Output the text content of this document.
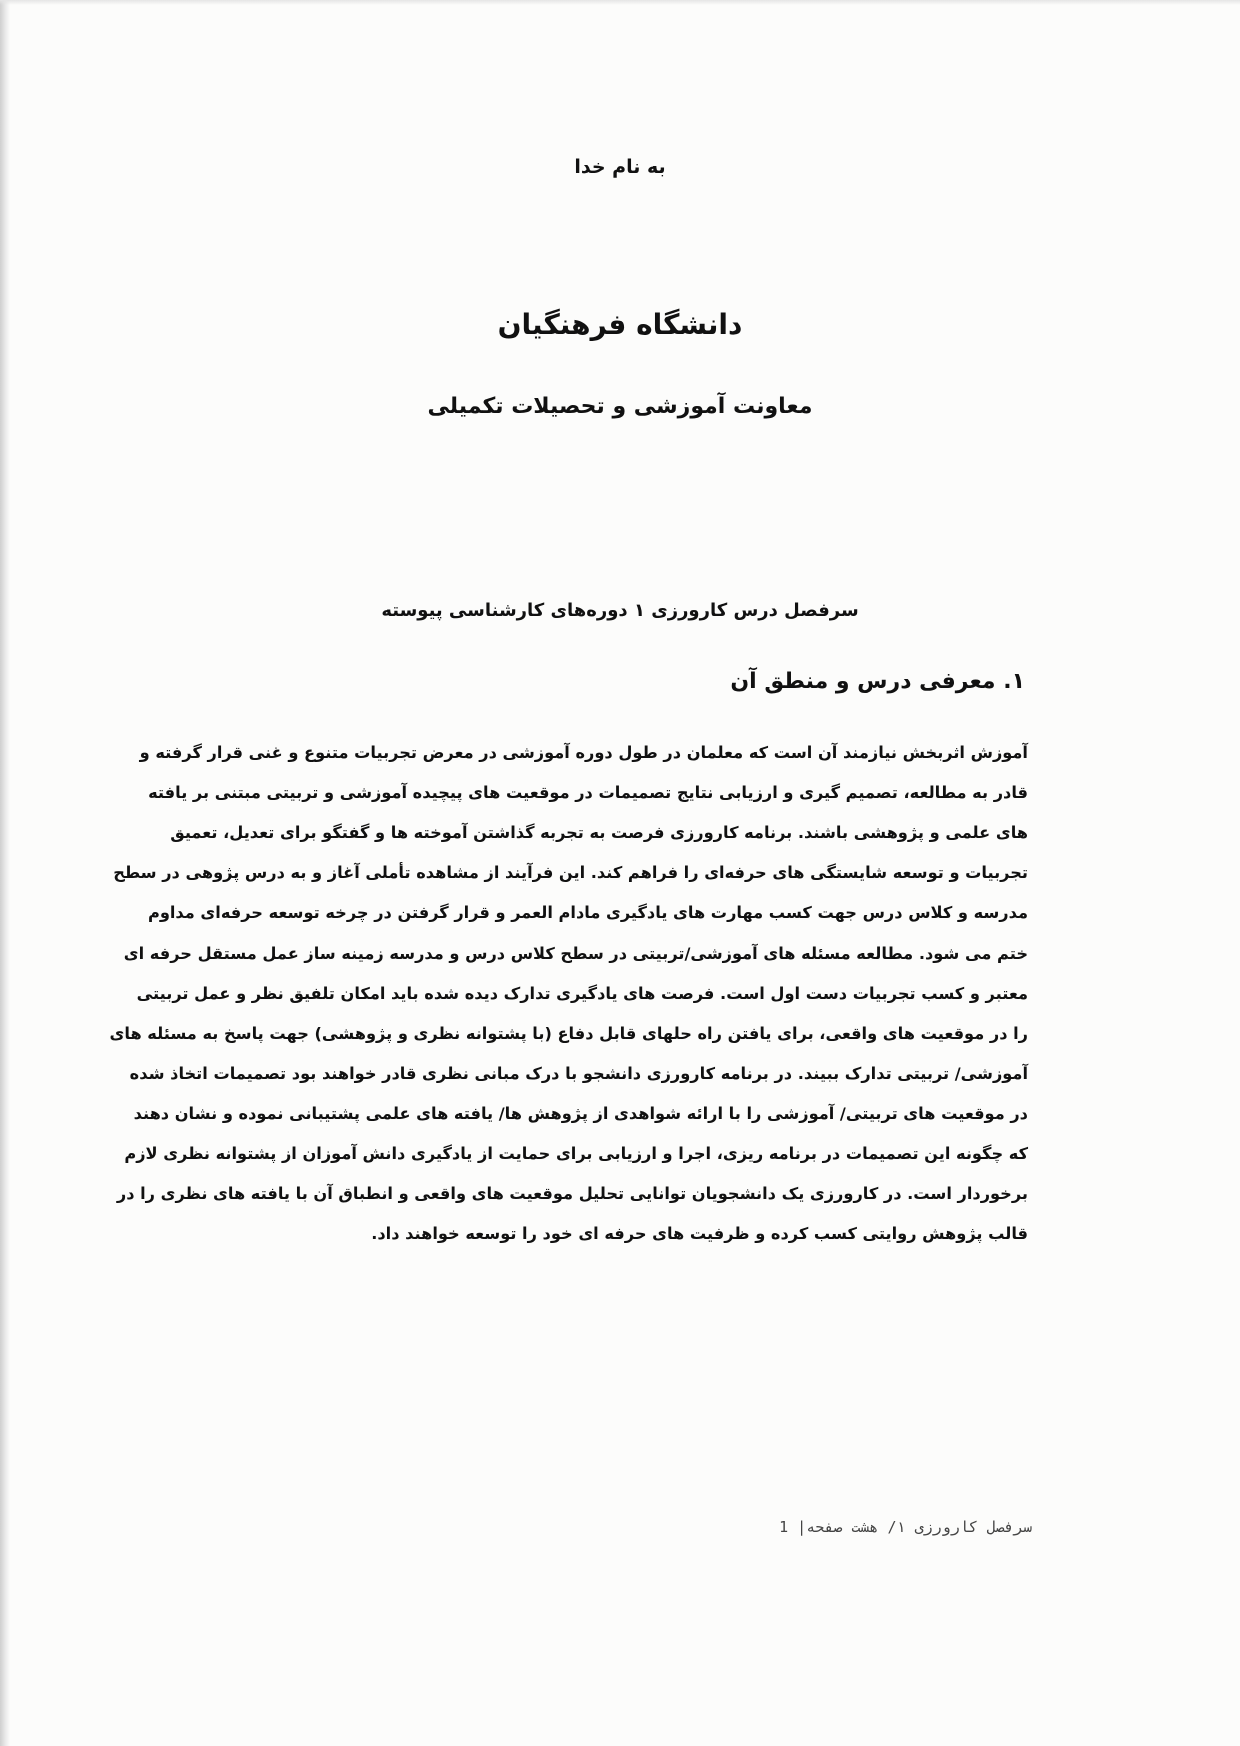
به نام خدا
دانشگاه فرهنگیان
معاونت آموزشی و تحصیلات تکمیلی
سرفصل درس کارورزی ۱ دوره‌های کارشناسی پیوسته
۱. معرفی درس و منطق آن
آموزش اثربخش نیازمند آن است که معلمان در طول دوره آموزشی در معرض تجربیات متنوع و غنی قرار گرفته و
قادر به مطالعه، تصمیم گیری و ارزیابی نتایج تصمیمات در موقعیت های پیچیده آموزشی و تربیتی مبتنی بر یافته
های علمی و پژوهشی باشند. برنامه کارورزی فرصت به تجربه گذاشتن آموخته ها و گفتگو برای تعدیل، تعمیق
تجربیات و توسعه شایستگی های حرفه‌ای را فراهم کند. این فرآیند از مشاهده تأملی آغاز و به درس پژوهی در سطح
مدرسه و کلاس درس جهت کسب مهارت های یادگیری مادام العمر و قرار گرفتن در چرخه توسعه حرفه‌ای مداوم
ختم می شود. مطالعه مسئله های آموزشی/تربیتی در سطح کلاس درس و مدرسه زمینه ساز عمل مستقل حرفه ای
معتبر و کسب تجربیات دست اول است. فرصت های یادگیری تدارک دیده شده باید امکان تلفیق نظر و عمل تربیتی
را در موقعیت های واقعی، برای یافتن راه حلهای قابل دفاع (با پشتوانه نظری و پژوهشی) جهت پاسخ به مسئله های
آموزشی/ تربیتی تدارک ببیند. در برنامه کارورزی دانشجو با درک مبانی نظری قادر خواهند بود تصمیمات اتخاذ شده
در موقعیت های تربیتی/ آموزشی را با ارائه شواهدی از پژوهش ها/ یافته های علمی پشتیبانی نموده و نشان دهند
که چگونه این تصمیمات در برنامه ریزی، اجرا و ارزیابی برای حمایت از یادگیری دانش آموزان از پشتوانه نظری لازم
برخوردار است. در کارورزی یک دانشجویان توانایی تحلیل موقعیت های واقعی و انطباق آن با یافته های نظری را در
قالب پژوهش روایتی کسب کرده و ظرفیت های حرفه ای خود را توسعه خواهند داد.
سرفصل کارورزی ۱/ هشت صفحه| 1
